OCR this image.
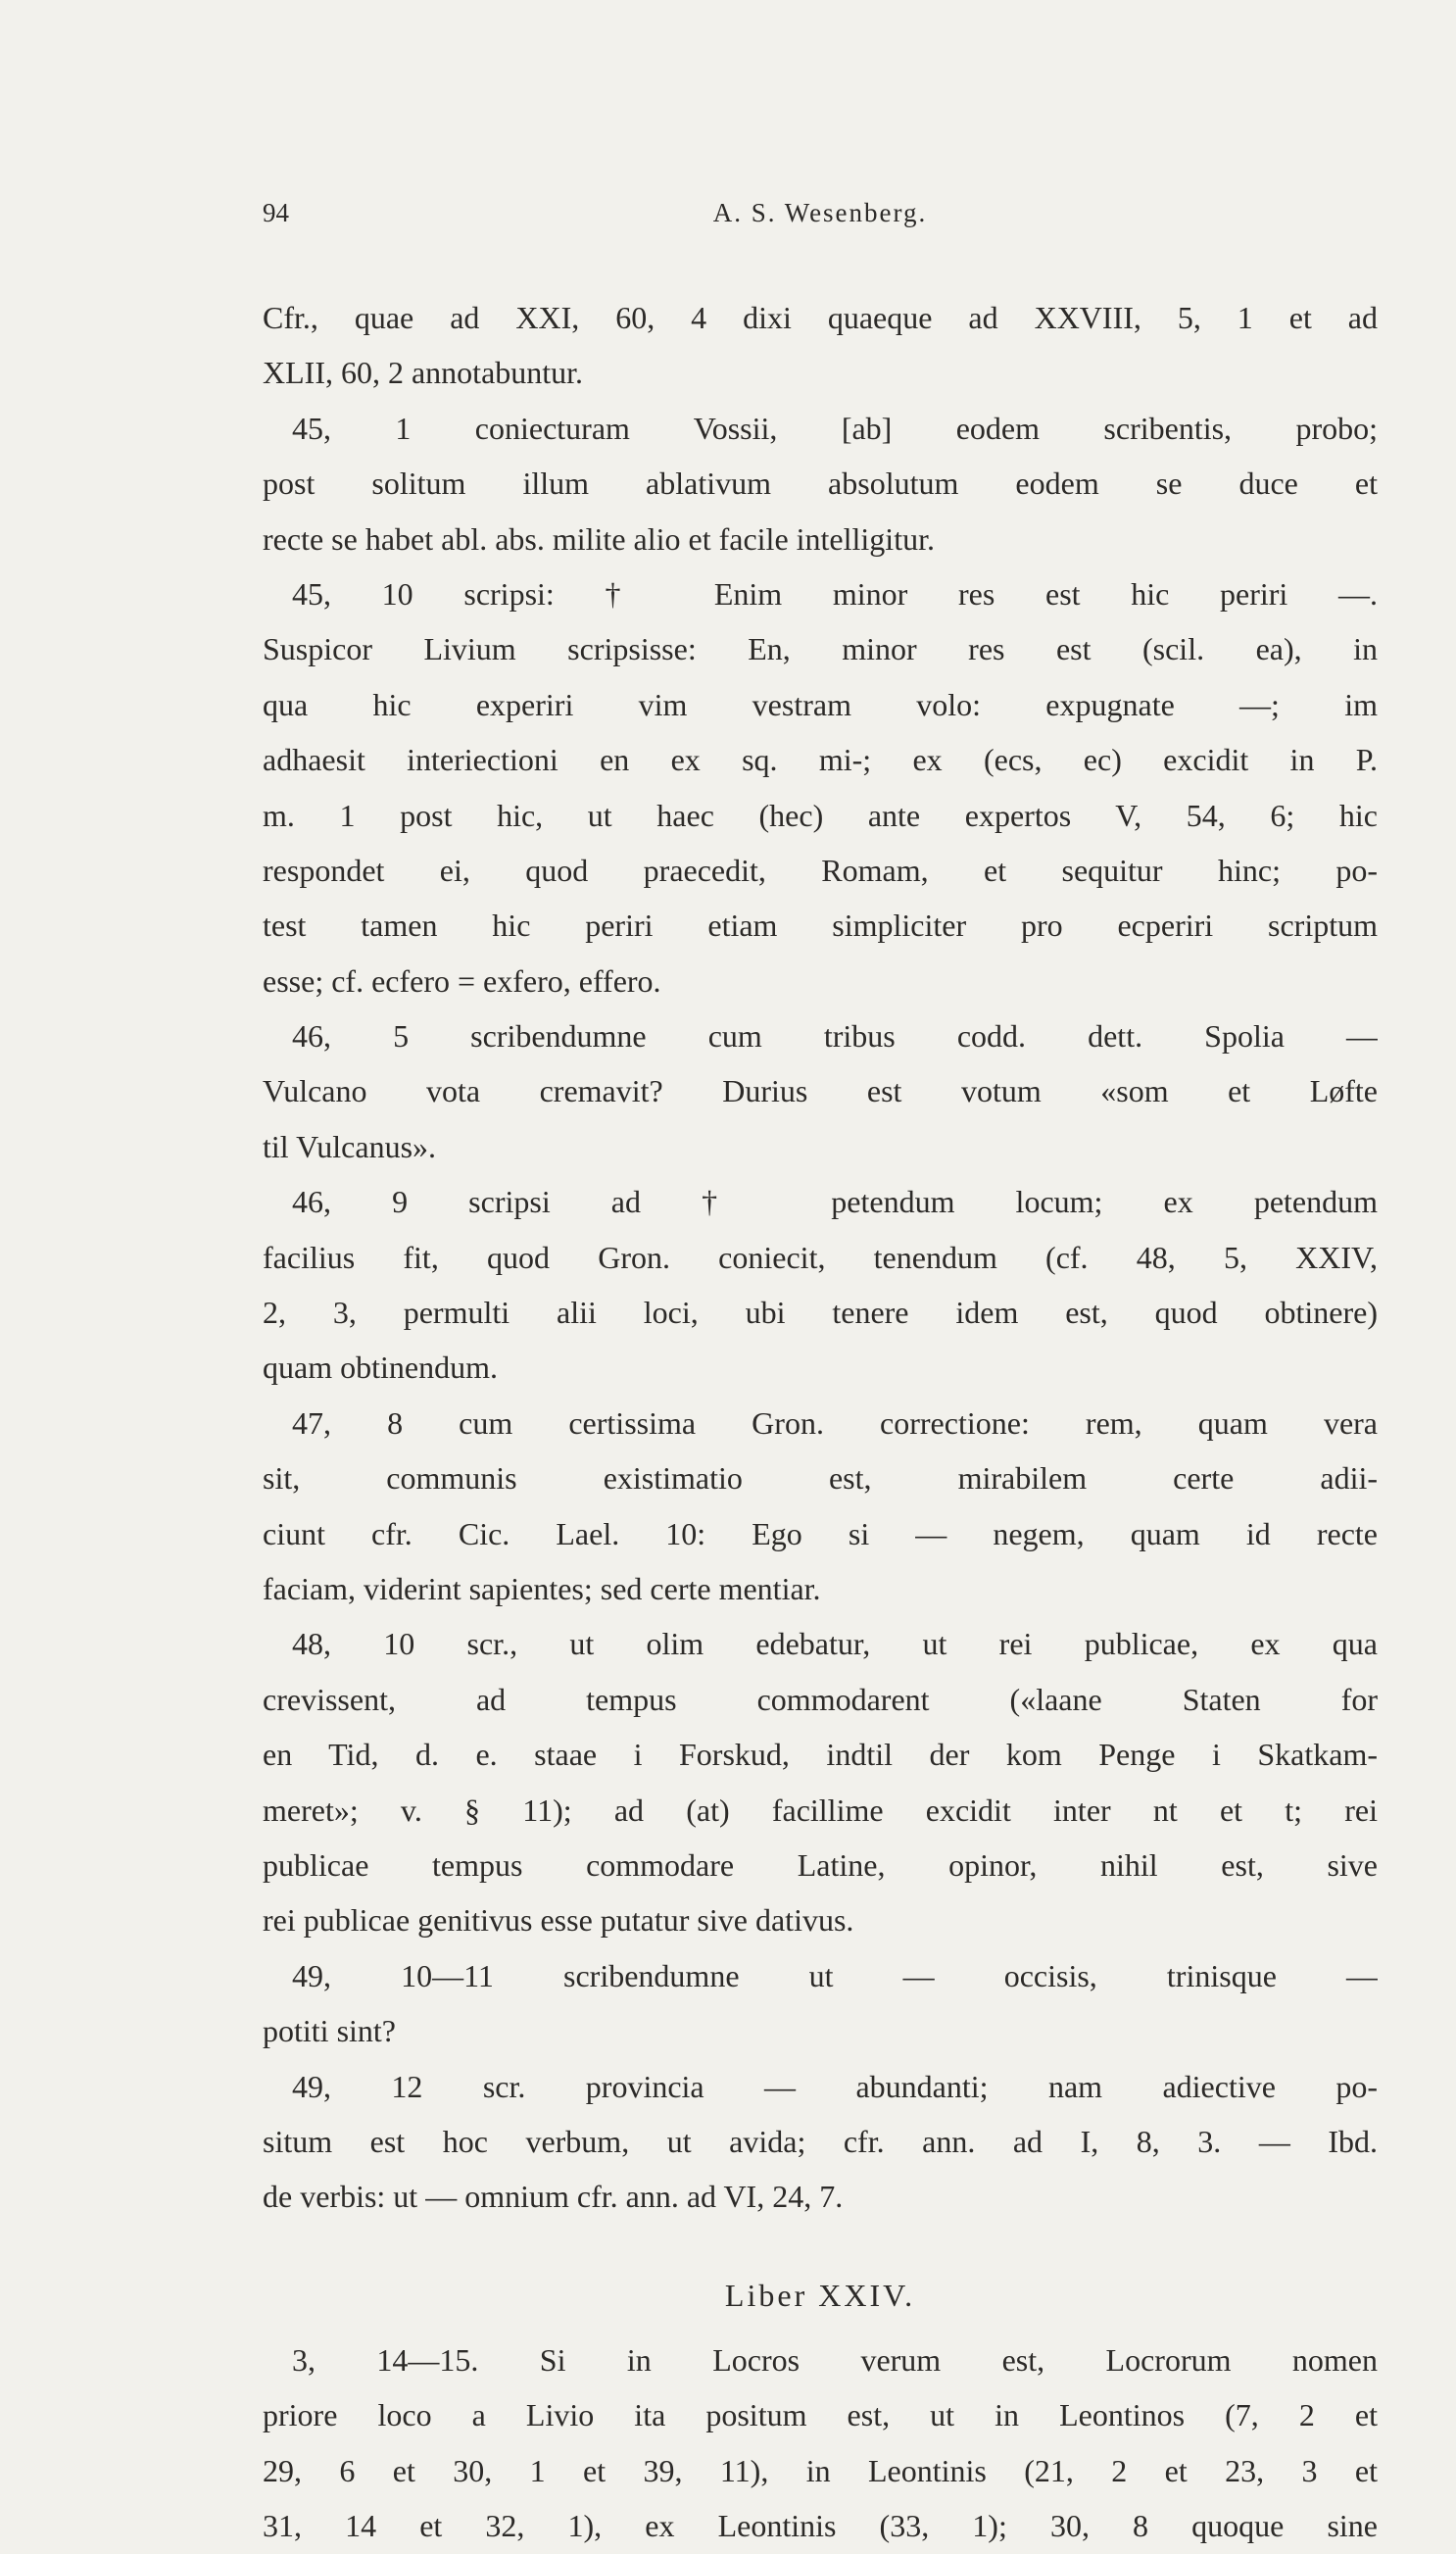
94	A. S. Wesenberg.
Cfr., quae ad XXI, 60, 4 dixi quaeque ad XXVIII, 5, 1 et ad
XLII, 60, 2 annotabuntur.
45, 1 coniecturam Vossii, [ab] eodem scribentis, probo;
post solitum illum ablativum absolutum eodem se duce et
recte se habet abl. abs. milite alio et facile intelligitur.
45, 10 scripsi: † Enim minor res est hic periri —.
Suspicor Livium scripsisse: En, minor res est (scil. ea), in
qua hic experiri vim vestram volo: expugnate —; im
adhaesit interiectioni en ex sq. mi-; ex (ecs, ec) excidit in P.
m. 1 post hic, ut haec (hec) ante expertos V, 54, 6; hic
respondet ei, quod praecedit, Romam, et sequitur hinc; po-
test tamen hic periri etiam simpliciter pro ecperiri scriptum
esse; cf. ecfero = exfero, effero.
46, 5 scribendumne cum tribus codd. dett. Spolia —
Vulcano vota cremavit? Durius est votum «som et Løfte
til Vulcanus».
46, 9 scripsi ad † petendum locum; ex petendum
facilius fit, quod Gron. coniecit, tenendum (cf. 48, 5, XXIV,
2, 3, permulti alii loci, ubi tenere idem est, quod obtinere)
quam obtinendum.
47, 8 cum certissima Gron. correctione: rem, quam vera
sit, communis existimatio est, mirabilem certe adii-
ciunt cfr. Cic. Lael. 10: Ego si — negem, quam id recte
faciam, viderint sapientes; sed certe mentiar.
48, 10 scr., ut olim edebatur, ut rei publicae, ex qua
crevissent, ad tempus commodarent («laane Staten for
en Tid, d. e. staae i Forskud, indtil der kom Penge i Skatkam-
meret»; v. § 11); ad (at) facillime excidit inter nt et t; rei
publicae tempus commodare Latine, opinor, nihil est, sive
rei publicae genitivus esse putatur sive dativus.
49, 10—11 scribendumne ut — occisis, trinisque —
potiti sint?
49, 12 scr. provincia — abundanti; nam adiective po-
situm est hoc verbum, ut avida; cfr. ann. ad I, 8, 3. — Ibd.
de verbis: ut — omnium cfr. ann. ad VI, 24, 7.
Liber XXIV.
3, 14—15. Si in Locros verum est, Locrorum nomen
priore loco a Livio ita positum est, ut in Leontinos (7, 2 et
29, 6 et 30, 1 et 39, 11), in Leontinis (21, 2 et 23, 3 et
31, 14 et 32, 1), ex Leontinis (33, 1); 30, 8 quoque sine
